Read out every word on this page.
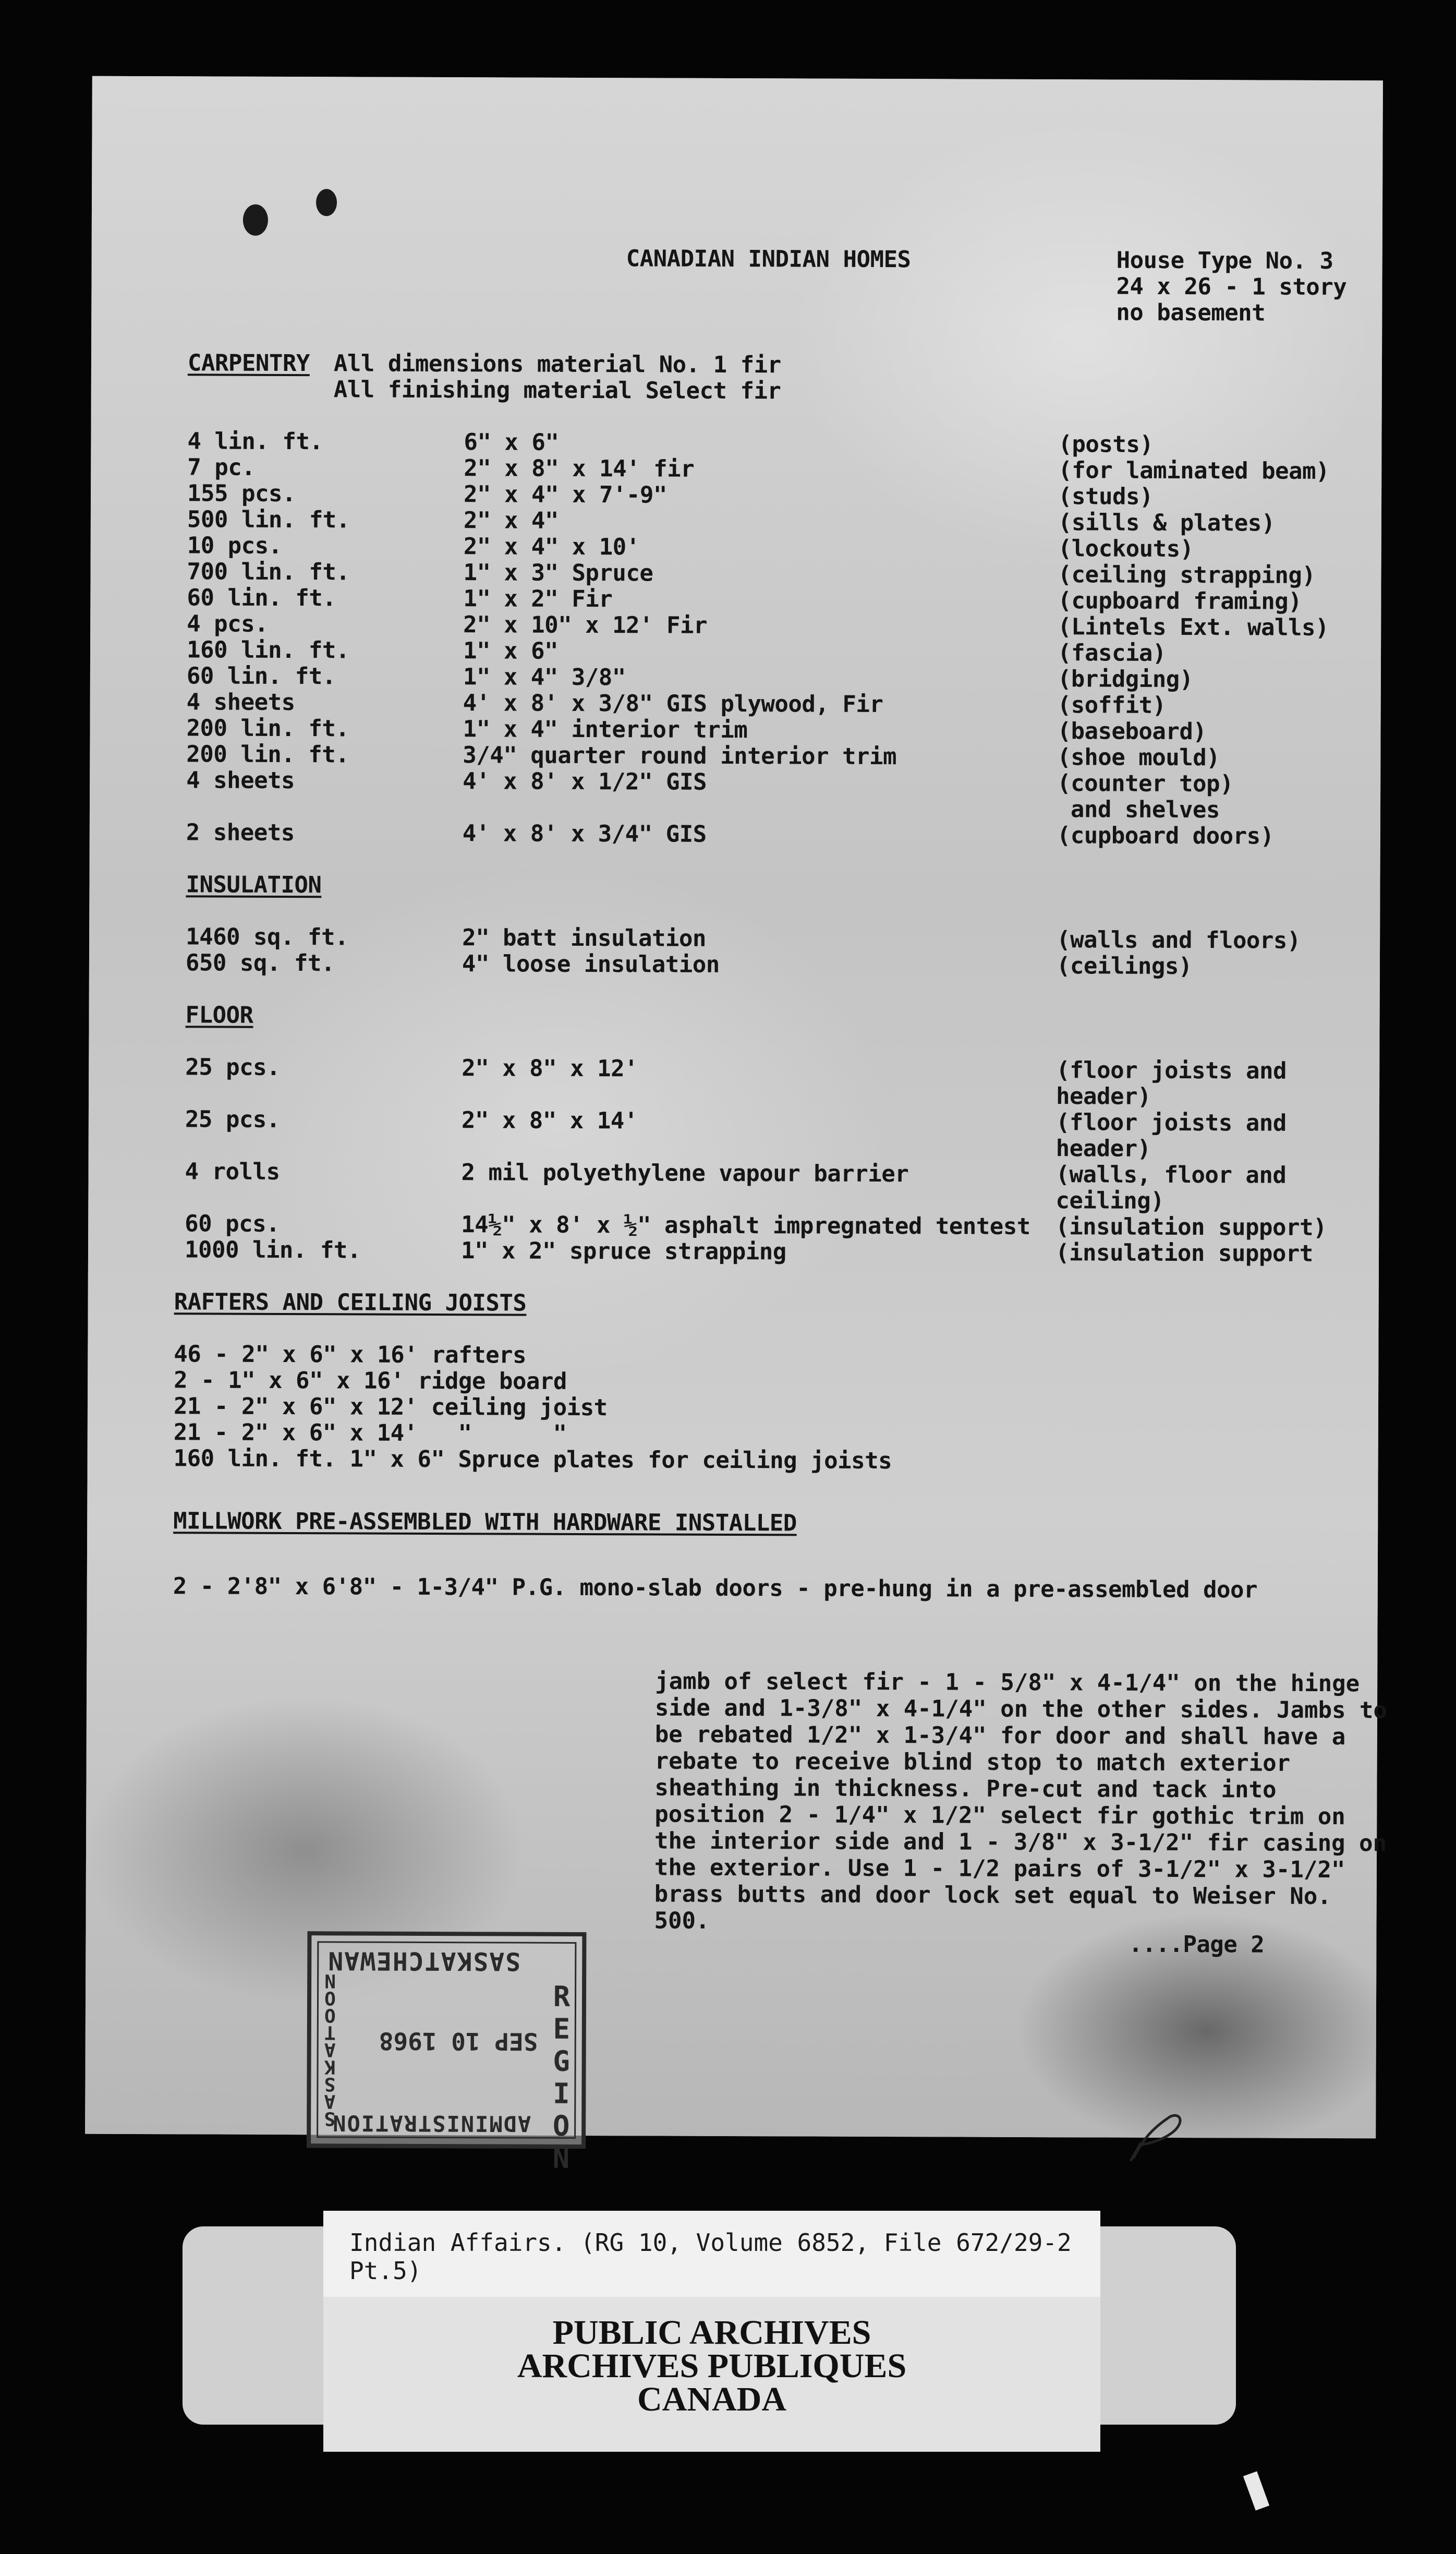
CANADIAN INDIAN HOMES	House Type No. 3

24 x 26 - 1 story

no basement

CARPENTRY All dimensions material No. 1 fir

All finishing material Select fir

4 lin. ft.	6" x 6"	(posts)

7 pc.	2" x 8" x 14' fir	(for laminated beam)

155 pcs.	2" x 4" x 7'-9"	(studs)

500 lin. ft.	2" x 4"	(sills & plates)

10 pcs.	2" x 4" x 10'	(lockouts)

700 lin. ft.	1" x 3" Spruce	(ceiling strapping)

60 lin. ft.	1" x 2" Fir	(cupboard framing)

4 pcs.	2" x 10" x 12' Fir	(Lintels Ext. walls)

160 lin. ft.	1" x 6"	(fascia)

60 lin. ft.	1" x 4" 3/8"	(bridging)

4 sheets	4' x 8' x 3/8" GIS plywood, Fir	(soffit)

200 lin. ft.	1" x 4" interior trim	(baseboard)

200 lin. ft.	3/4" quarter round interior trim	(shoe mould)

4 sheets	4' x 8' x 1/2" GIS	(counter top)

and shelves

2 sheets	4' x 8' x 3/4" GIS	(cupboard doors)

INSULATION

1460 sq. ft.	2" batt insulation	(walls and floors)

650 sq. ft.	4" loose insulation	(ceilings)

FLOOR

25 pcs.	2" x 8" x 12'	(floor joists and

header)

25 pcs.	2" x 8" x 14'	(floor joists and

header)

4 rolls	2 mil polyethylene vapour barrier	(walls, floor and

ceiling)

60 pcs.	14½" x 8' x ½" asphalt impregnated tentest (insulation support)

1000 lin. ft.	1" x 2" spruce strapping	(insulation support

RAFTERS AND CEILING JOISTS

46 - 2" x 6" x 16' rafters

2 - 1" x 6" x 16' ridge board

21 - 2" x 6" x 12' ceiling joist

21 - 2" x 6" x 14'   "      "

160 lin. ft. 1" x 6" Spruce plates for ceiling joists

MILLWORK PRE-ASSEMBLED WITH HARDWARE INSTALLED

2 - 2'8" x 6'8" - 1-3/4" P.G. mono-slab doors - pre-hung in a pre-assembled door

jamb of select fir - 1 - 5/8" x 4-1/4" on the hinge side and 1-3/8" x 4-1/4" on the other sides. Jambs to be rebated 1/2" x 1-3/4" for door and shall have a rebate to receive blind stop to match exterior sheathing in thickness. Pre-cut and tack into position 2 - 1/4" x 1/2" select fir gothic trim on the interior side and 1 - 3/8" x 3-1/2" fir casing on the exterior. Use 1 - 1/2 pairs of 3-1/2" x 3-1/2" brass butts and door lock set equal to Weiser No. 500.

....Page 2

SASKATCHEWAN
S
A
S
K
A
T
O
O
N
SEP 10 1968
R
E
G
I
O
N
ADMINISTRATION
Indian Affairs. (RG 10, Volume 6852, File 672/29-2 Pt.5)
PUBLIC ARCHIVES
ARCHIVES PUBLIQUES
CANADA
